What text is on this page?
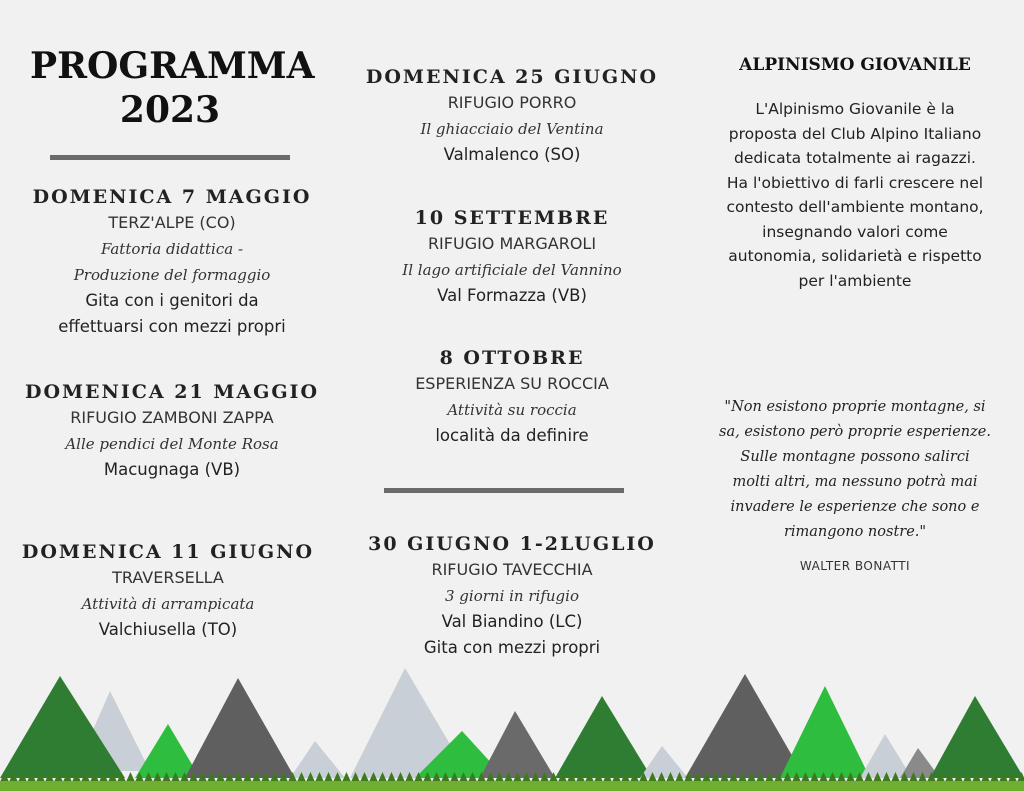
PROGRAMMA
2023
DOMENICA 7 MAGGIO
TERZ'ALPE (CO)
Fattoria didattica -
Produzione del formaggio
Gita con i genitori da
effettuarsi con mezzi propri
DOMENICA 21 MAGGIO
RIFUGIO ZAMBONI ZAPPA
Alle pendici del Monte Rosa
Macugnaga (VB)
DOMENICA 11 GIUGNO
TRAVERSELLA
Attività di arrampicata
Valchiusella (TO)
DOMENICA 25 GIUGNO
RIFUGIO PORRO
Il ghiacciaio del Ventina
Valmalenco (SO)
10 SETTEMBRE
RIFUGIO MARGAROLI
Il lago artificiale del Vannino
Val Formazza (VB)
8 OTTOBRE
ESPERIENZA SU ROCCIA
Attività su roccia
località da definire
30 GIUGNO 1-2LUGLIO
RIFUGIO TAVECCHIA
3 giorni in rifugio
Val Biandino (LC)
Gita con mezzi propri
ALPINISMO GIOVANILE
L'Alpinismo Giovanile è la
proposta del Club Alpino Italiano
dedicata totalmente ai ragazzi.
Ha l'obiettivo di farli crescere nel
contesto dell'ambiente montano,
insegnando valori come
autonomia, solidarietà e rispetto
per l'ambiente
"Non esistono proprie montagne, si
sa, esistono però proprie esperienze.
Sulle montagne possono salirci
molti altri, ma nessuno potrà mai
invadere le esperienze che sono e
rimangono nostre."
WALTER BONATTI
